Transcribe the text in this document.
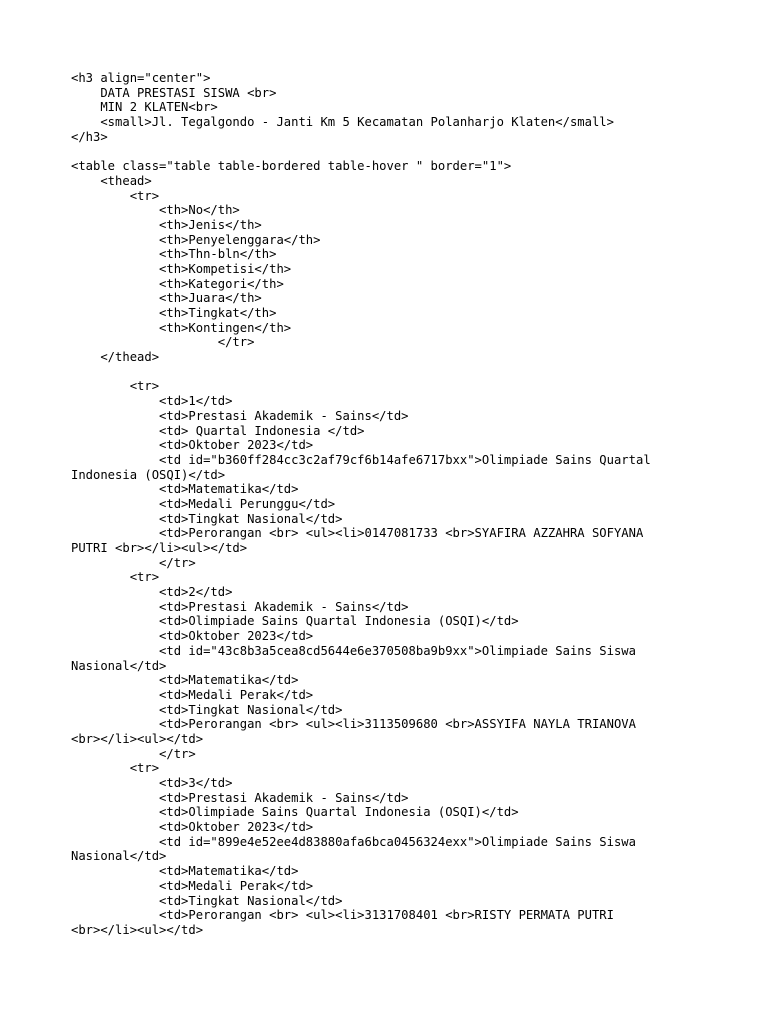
<h3 align="center">
DATA PRESTASI SISWA <br>
MIN 2 KLATEN<br>
<small>Jl. Tegalgondo - Janti Km 5 Kecamatan Polanharjo Klaten</small>
</h3>
<table class="table table-bordered table-hover " border="1">
<thead>
<tr>
<th>No</th>
<th>Jenis</th>
<th>Penyelenggara</th>
<th>Thn-bln</th>
<th>Kompetisi</th>
<th>Kategori</th>
<th>Juara</th>
<th>Tingkat</th>
<th>Kontingen</th>
</tr>
</thead>
<tr>
<td>1</td>
<td>Prestasi Akademik - Sains</td>
<td> Quartal Indonesia </td>
<td>Oktober 2023</td>
<td id="b360ff284cc3c2af79cf6b14afe6717bxx">Olimpiade Sains Quartal
Indonesia (OSQI)</td>
<td>Matematika</td>
<td>Medali Perunggu</td>
<td>Tingkat Nasional</td>
<td>Perorangan <br> <ul><li>0147081733 <br>SYAFIRA AZZAHRA SOFYANA
PUTRI <br></li><ul></td>
</tr>
<tr>
<td>2</td>
<td>Prestasi Akademik - Sains</td>
<td>Olimpiade Sains Quartal Indonesia (OSQI)</td>
<td>Oktober 2023</td>
<td id="43c8b3a5cea8cd5644e6e370508ba9b9xx">Olimpiade Sains Siswa
Nasional</td>
<td>Matematika</td>
<td>Medali Perak</td>
<td>Tingkat Nasional</td>
<td>Perorangan <br> <ul><li>3113509680 <br>ASSYIFA NAYLA TRIANOVA
<br></li><ul></td>
</tr>
<tr>
<td>3</td>
<td>Prestasi Akademik - Sains</td>
<td>Olimpiade Sains Quartal Indonesia (OSQI)</td>
<td>Oktober 2023</td>
<td id="899e4e52ee4d83880afa6bca0456324exx">Olimpiade Sains Siswa
Nasional</td>
<td>Matematika</td>
<td>Medali Perak</td>
<td>Tingkat Nasional</td>
<td>Perorangan <br> <ul><li>3131708401 <br>RISTY PERMATA PUTRI
<br></li><ul></td>
